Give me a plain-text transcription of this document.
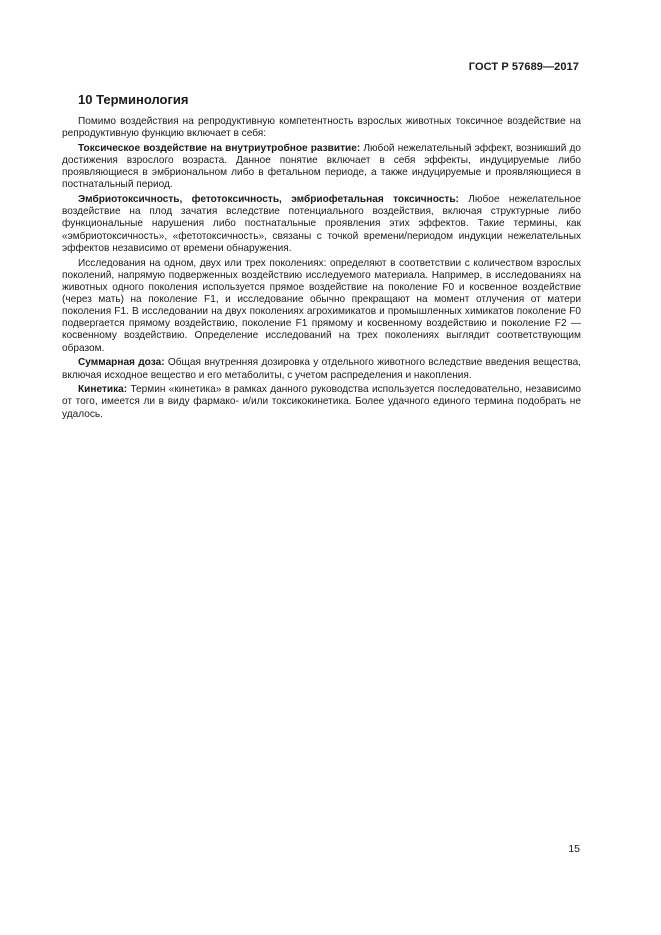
ГОСТ Р 57689—2017
10 Терминология

Помимо воздействия на репродуктивную компетентность взрослых животных токсичное воздействие на репродуктивную функцию включает в себя:

Токсическое воздействие на внутриутробное развитие: Любой нежелательный эффект, возникший до достижения взрослого возраста. Данное понятие включает в себя эффекты, индуцируемые либо проявляющиеся в эмбриональном либо в фетальном периоде, а также индуцируемые и проявляющиеся в постнатальный период.

Эмбриотоксичность, фетотоксичность, эмбриофетальная токсичность: Любое нежелательное воздействие на плод зачатия вследствие потенциального воздействия, включая структурные либо функциональные нарушения либо постнатальные проявления этих эффектов. Такие термины, как «эмбриотоксичность», «фетотоксичность», связаны с точкой времени/периодом индукции нежелательных эффектов независимо от времени обнаружения.

Исследования на одном, двух или трех поколениях: определяют в соответствии с количеством взрослых поколений, напрямую подверженных воздействию исследуемого материала. Например, в исследованиях на животных одного поколения используется прямое воздействие на поколение F0 и косвенное воздействие (через мать) на поколение F1, и исследование обычно прекращают на момент отлучения от матери поколения F1. В исследовании на двух поколениях агрохимикатов и промышленных химикатов поколение F0 подвергается прямому воздействию, поколение F1 прямому и косвенному воздействию и поколение F2 — косвенному воздействию. Определение исследований на трех поколениях выглядит соответствующим образом.

Суммарная доза: Общая внутренняя дозировка у отдельного животного вследствие введения вещества, включая исходное вещество и его метаболиты, с учетом распределения и накопления.

Кинетика: Термин «кинетика» в рамках данного руководства используется последовательно, независимо от того, имеется ли в виду фармако- и/или токсикокинетика. Более удачного единого термина подобрать не удалось.

15
